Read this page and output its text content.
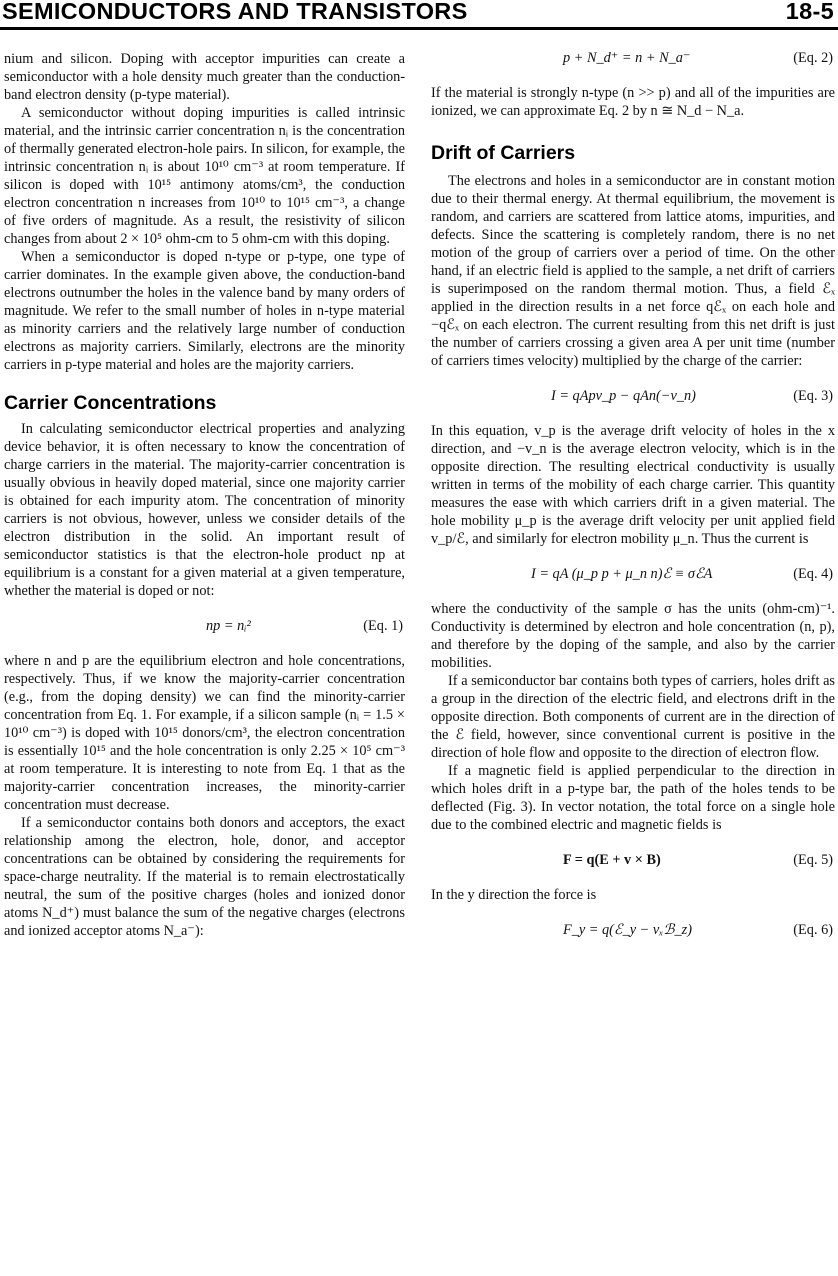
SEMICONDUCTORS AND TRANSISTORS	18-5

nium and silicon. Doping with acceptor impurities can create a semiconductor with a hole density much greater than the conduction-band electron density (p-type material).

A semiconductor without doping impurities is called intrinsic material, and the intrinsic carrier concentration nᵢ is the concentration of thermally generated electron-hole pairs. In silicon, for example, the intrinsic concentration nᵢ is about 10¹⁰ cm⁻³ at room temperature. If silicon is doped with 10¹⁵ antimony atoms/cm³, the conduction electron concentration n increases from 10¹⁰ to 10¹⁵ cm⁻³, a change of five orders of magnitude. As a result, the resistivity of silicon changes from about 2 × 10⁵ ohm-cm to 5 ohm-cm with this doping.

When a semiconductor is doped n-type or p-type, one type of carrier dominates. In the example given above, the conduction-band electrons outnumber the holes in the valence band by many orders of magnitude. We refer to the small number of holes in n-type material as minority carriers and the relatively large number of conduction electrons as majority carriers. Similarly, electrons are the minority carriers in p-type material and holes are the majority carriers.

Carrier Concentrations

In calculating semiconductor electrical properties and analyzing device behavior, it is often necessary to know the concentration of charge carriers in the material. The majority-carrier concentration is usually obvious in heavily doped material, since one majority carrier is obtained for each impurity atom. The concentration of minority carriers is not obvious, however, unless we consider details of the electron distribution in the solid. An important result of semiconductor statistics is that the electron-hole product np at equilibrium is a constant for a given material at a given temperature, whether the material is doped or not:

np = nᵢ²	(Eq. 1)

where n and p are the equilibrium electron and hole concentrations, respectively. Thus, if we know the majority-carrier concentration (e.g., from the doping density) we can find the minority-carrier concentration from Eq. 1. For example, if a silicon sample (nᵢ = 1.5 × 10¹⁰ cm⁻³) is doped with 10¹⁵ donors/cm³, the electron concentration is essentially 10¹⁵ and the hole concentration is only 2.25 × 10⁵ cm⁻³ at room temperature. It is interesting to note from Eq. 1 that as the majority-carrier concentration increases, the minority-carrier concentration must decrease.

If a semiconductor contains both donors and acceptors, the exact relationship among the electron, hole, donor, and acceptor concentrations can be obtained by considering the requirements for space-charge neutrality. If the material is to remain electrostatically neutral, the sum of the positive charges (holes and ionized donor atoms N_d⁺) must balance the sum of the negative charges (electrons and ionized acceptor atoms N_a⁻):

p + N_d⁺ = n + N_a⁻	(Eq. 2)

If the material is strongly n-type (n >> p) and all of the impurities are ionized, we can approximate Eq. 2 by n ≅ N_d − N_a.

Drift of Carriers

The electrons and holes in a semiconductor are in constant motion due to their thermal energy. At thermal equilibrium, the movement is random, and carriers are scattered from lattice atoms, impurities, and defects. Since the scattering is completely random, there is no net motion of the group of carriers over a period of time. On the other hand, if an electric field is applied to the sample, a net drift of carriers is superimposed on the random thermal motion. Thus, a field ℰₓ applied in the direction results in a net force qℰₓ on each hole and −qℰₓ on each electron. The current resulting from this net drift is just the number of carriers crossing a given area A per unit time (number of carriers times velocity) multiplied by the charge of the carrier:

I = qApv_p − qAn(−v_n)	(Eq. 3)

In this equation, v_p is the average drift velocity of holes in the x direction, and −v_n is the average electron velocity, which is in the opposite direction. The resulting electrical conductivity is usually written in terms of the mobility of each charge carrier. This quantity measures the ease with which carriers drift in a given material. The hole mobility μ_p is the average drift velocity per unit applied field v_p/ℰ, and similarly for electron mobility μ_n. Thus the current is

I = qA (μ_p p + μ_n n)ℰ ≡ σℰA	(Eq. 4)

where the conductivity of the sample σ has the units (ohm-cm)⁻¹. Conductivity is determined by electron and hole concentration (n, p), and therefore by the doping of the sample, and also by the carrier mobilities.

If a semiconductor bar contains both types of carriers, holes drift as a group in the direction of the electric field, and electrons drift in the opposite direction. Both components of current are in the direction of the ℰ field, however, since conventional current is positive in the direction of hole flow and opposite to the direction of electron flow.

If a magnetic field is applied perpendicular to the direction in which holes drift in a p-type bar, the path of the holes tends to be deflected (Fig. 3). In vector notation, the total force on a single hole due to the combined electric and magnetic fields is

F = q(E + v × B)	(Eq. 5)

In the y direction the force is

F_y = q(ℰ_y − vₓℬ_z)	(Eq. 6)
